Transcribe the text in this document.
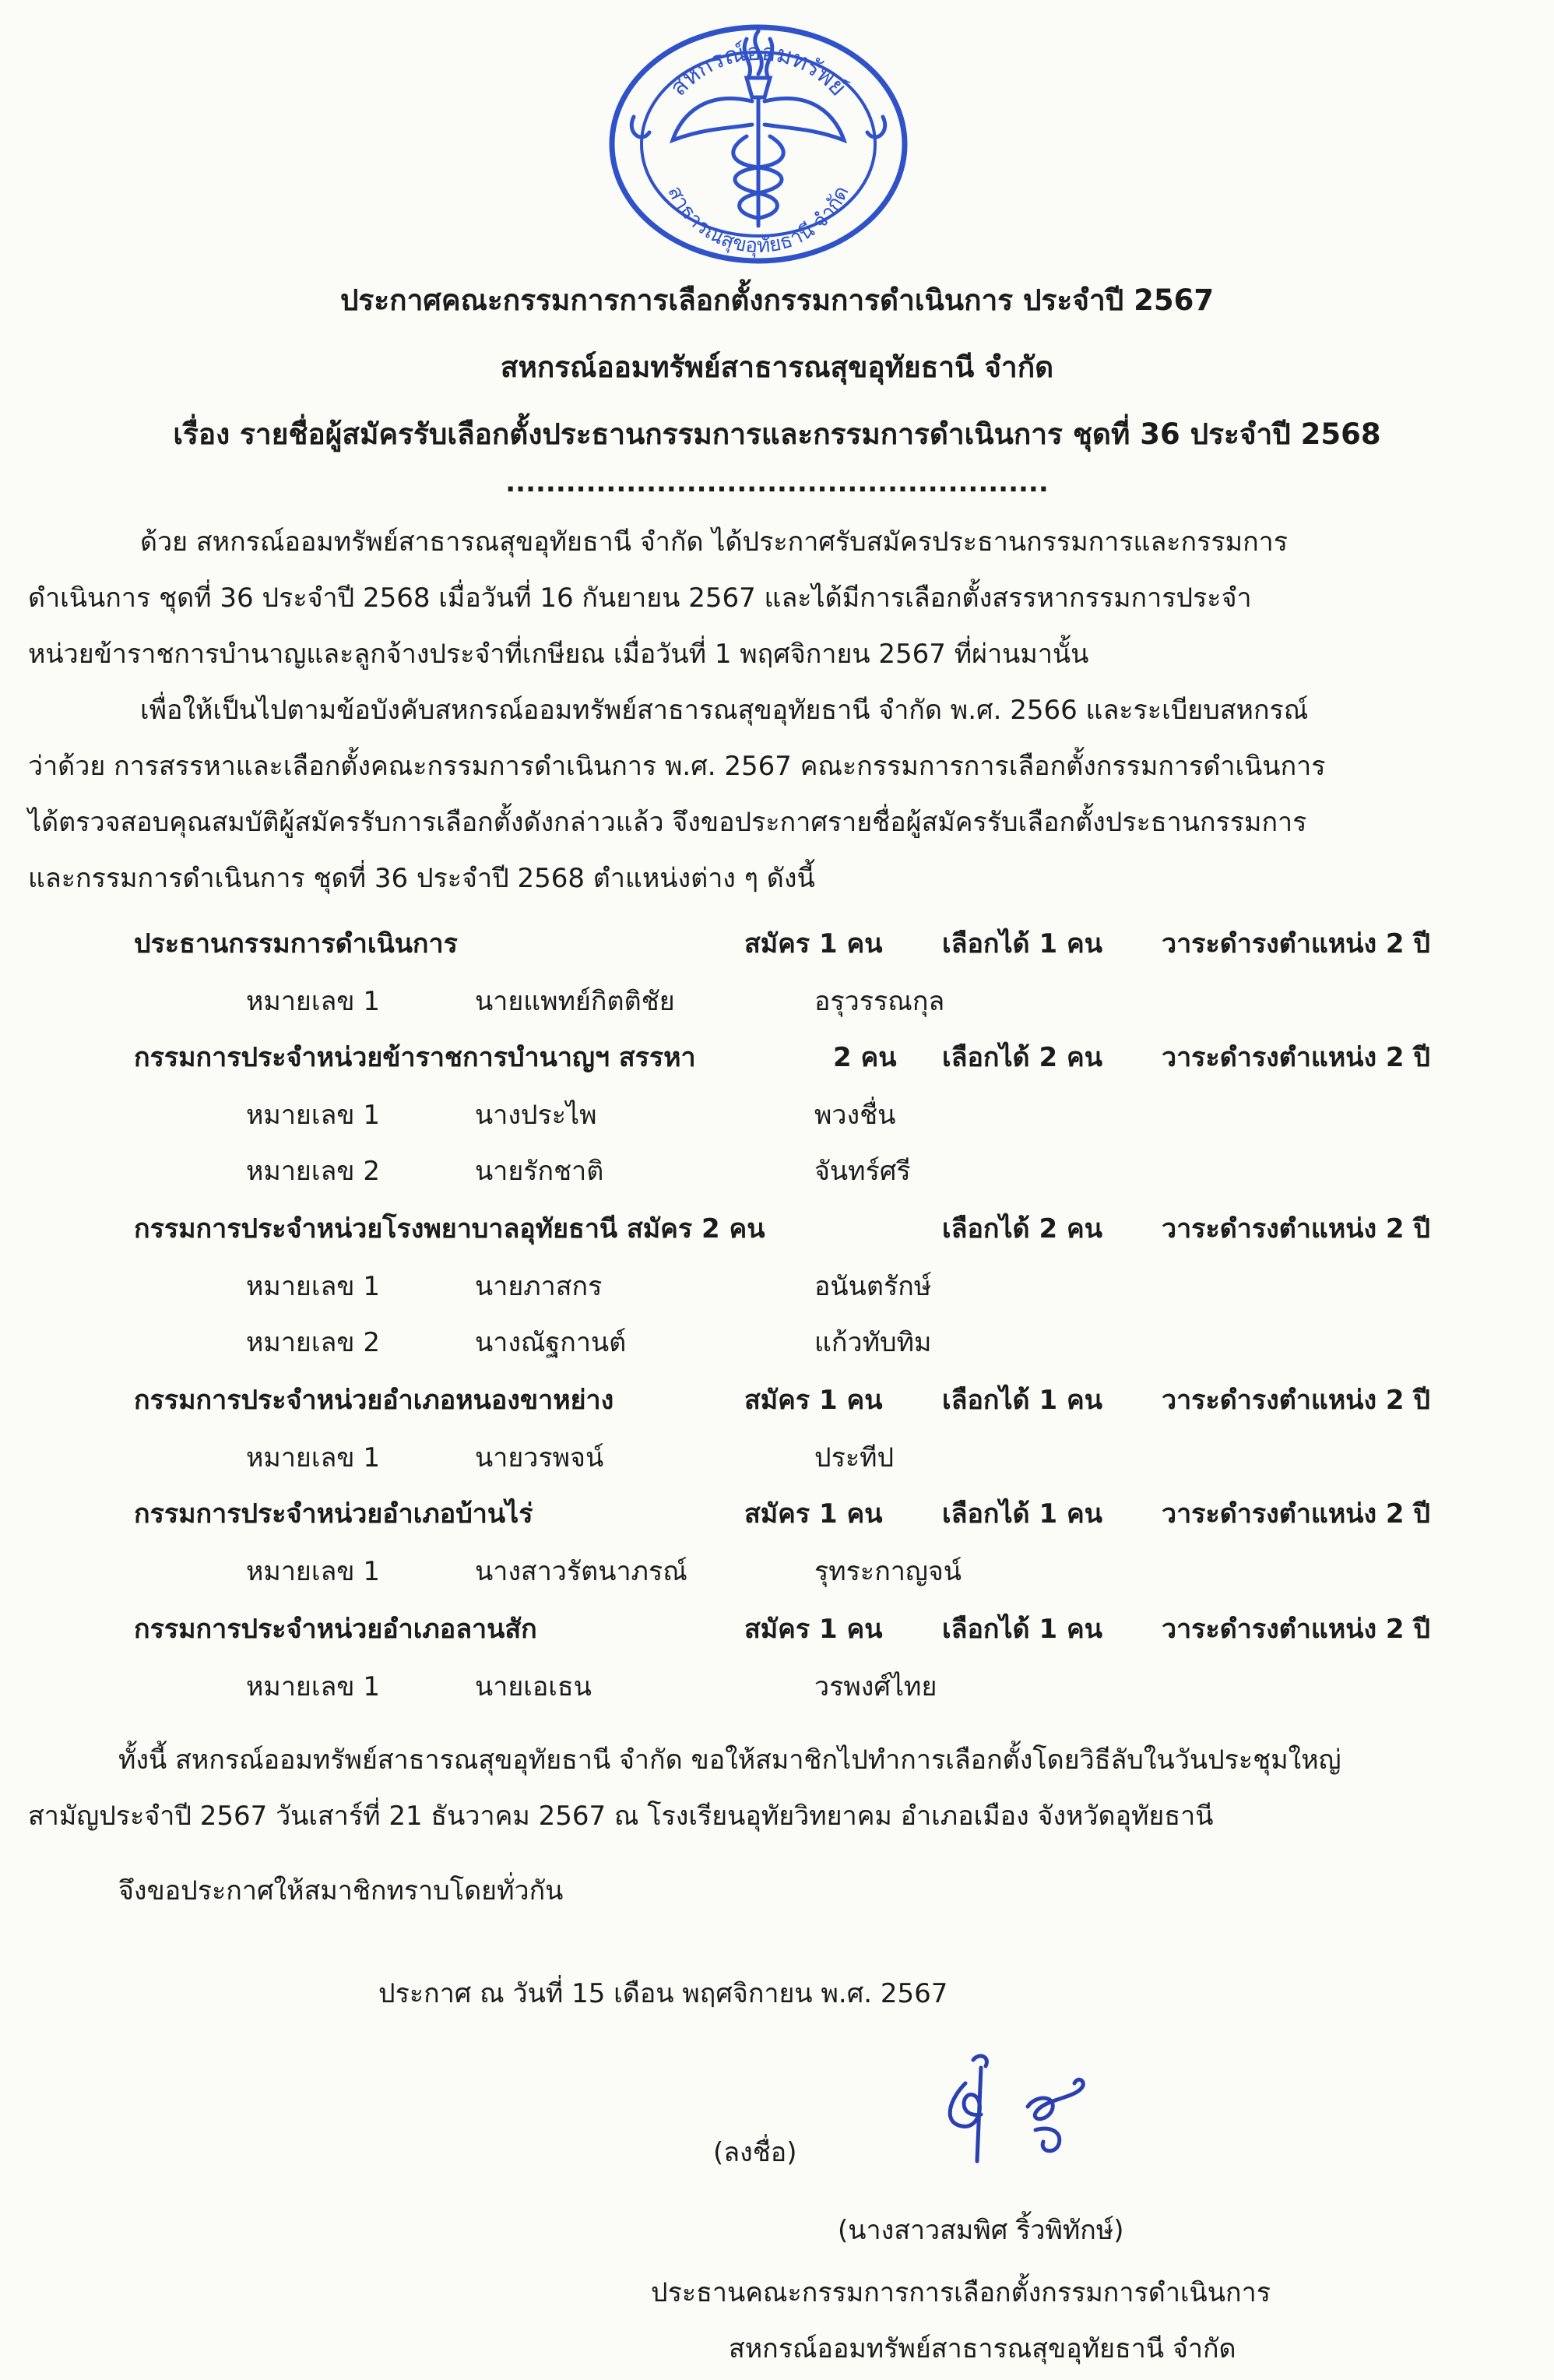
สหกรณ์ออมทรัพย์
สาธารณสุขอุทัยธานี จำกัด
ประกาศคณะกรรมการการเลือกตั้งกรรมการดำเนินการ ประจำปี 2567
สหกรณ์ออมทรัพย์สาธารณสุขอุทัยธานี จำกัด
เรื่อง รายชื่อผู้สมัครรับเลือกตั้งประธานกรรมการและกรรมการดำเนินการ ชุดที่ 36 ประจำปี 2568
......................................................
ด้วย สหกรณ์ออมทรัพย์สาธารณสุขอุทัยธานี จำกัด ได้ประกาศรับสมัครประธานกรรมการและกรรมการ
ดำเนินการ ชุดที่ 36 ประจำปี 2568 เมื่อวันที่ 16 กันยายน 2567 และได้มีการเลือกตั้งสรรหากรรมการประจำ
หน่วยข้าราชการบำนาญและลูกจ้างประจำที่เกษียณ เมื่อวันที่ 1 พฤศจิกายน 2567 ที่ผ่านมานั้น
เพื่อให้เป็นไปตามข้อบังคับสหกรณ์ออมทรัพย์สาธารณสุขอุทัยธานี จำกัด พ.ศ. 2566 และระเบียบสหกรณ์
ว่าด้วย การสรรหาและเลือกตั้งคณะกรรมการดำเนินการ พ.ศ. 2567 คณะกรรมการการเลือกตั้งกรรมการดำเนินการ
ได้ตรวจสอบคุณสมบัติผู้สมัครรับการเลือกตั้งดังกล่าวแล้ว จึงขอประกาศรายชื่อผู้สมัครรับเลือกตั้งประธานกรรมการ
และกรรมการดำเนินการ ชุดที่ 36 ประจำปี 2568 ตำแหน่งต่าง ๆ ดังนี้
ประธานกรรมการดำเนินการ	สมัคร 1 คน เลือกได้ 1 คน วาระดำรงตำแหน่ง 2 ปี
หมายเลข 1	นายแพทย์กิตติชัย	อรุวรรณกุล
กรรมการประจำหน่วยข้าราชการบำนาญฯ สรรหา	2 คน เลือกได้ 2 คน วาระดำรงตำแหน่ง 2 ปี
หมายเลข 1	นางประไพ	พวงชื่น
หมายเลข 2	นายรักชาติ	จันทร์ศรี
กรรมการประจำหน่วยโรงพยาบาลอุทัยธานี สมัคร 2 คน	เลือกได้ 2 คน วาระดำรงตำแหน่ง 2 ปี
หมายเลข 1	นายภาสกร	อนันตรักษ์
หมายเลข 2	นางณัฐกานต์	แก้วทับทิม
กรรมการประจำหน่วยอำเภอหนองขาหย่าง	สมัคร 1 คน เลือกได้ 1 คน วาระดำรงตำแหน่ง 2 ปี
หมายเลข 1	นายวรพจน์	ประทีป
กรรมการประจำหน่วยอำเภอบ้านไร่	สมัคร 1 คน เลือกได้ 1 คน วาระดำรงตำแหน่ง 2 ปี
หมายเลข 1	นางสาวรัตนาภรณ์	รุทระกาญจน์
กรรมการประจำหน่วยอำเภอลานสัก	สมัคร 1 คน เลือกได้ 1 คน วาระดำรงตำแหน่ง 2 ปี
หมายเลข 1	นายเอเธน	วรพงศ์ไทย
ทั้งนี้ สหกรณ์ออมทรัพย์สาธารณสุขอุทัยธานี จำกัด ขอให้สมาชิกไปทำการเลือกตั้งโดยวิธีลับในวันประชุมใหญ่
สามัญประจำปี 2567 วันเสาร์ที่ 21 ธันวาคม 2567 ณ โรงเรียนอุทัยวิทยาคม อำเภอเมือง จังหวัดอุทัยธานี
จึงขอประกาศให้สมาชิกทราบโดยทั่วกัน
ประกาศ ณ วันที่ 15 เดือน พฤศจิกายน พ.ศ. 2567
(ลงชื่อ)
(นางสาวสมพิศ ริ้วพิทักษ์)
ประธานคณะกรรมการการเลือกตั้งกรรมการดำเนินการ
สหกรณ์ออมทรัพย์สาธารณสุขอุทัยธานี จำกัด
